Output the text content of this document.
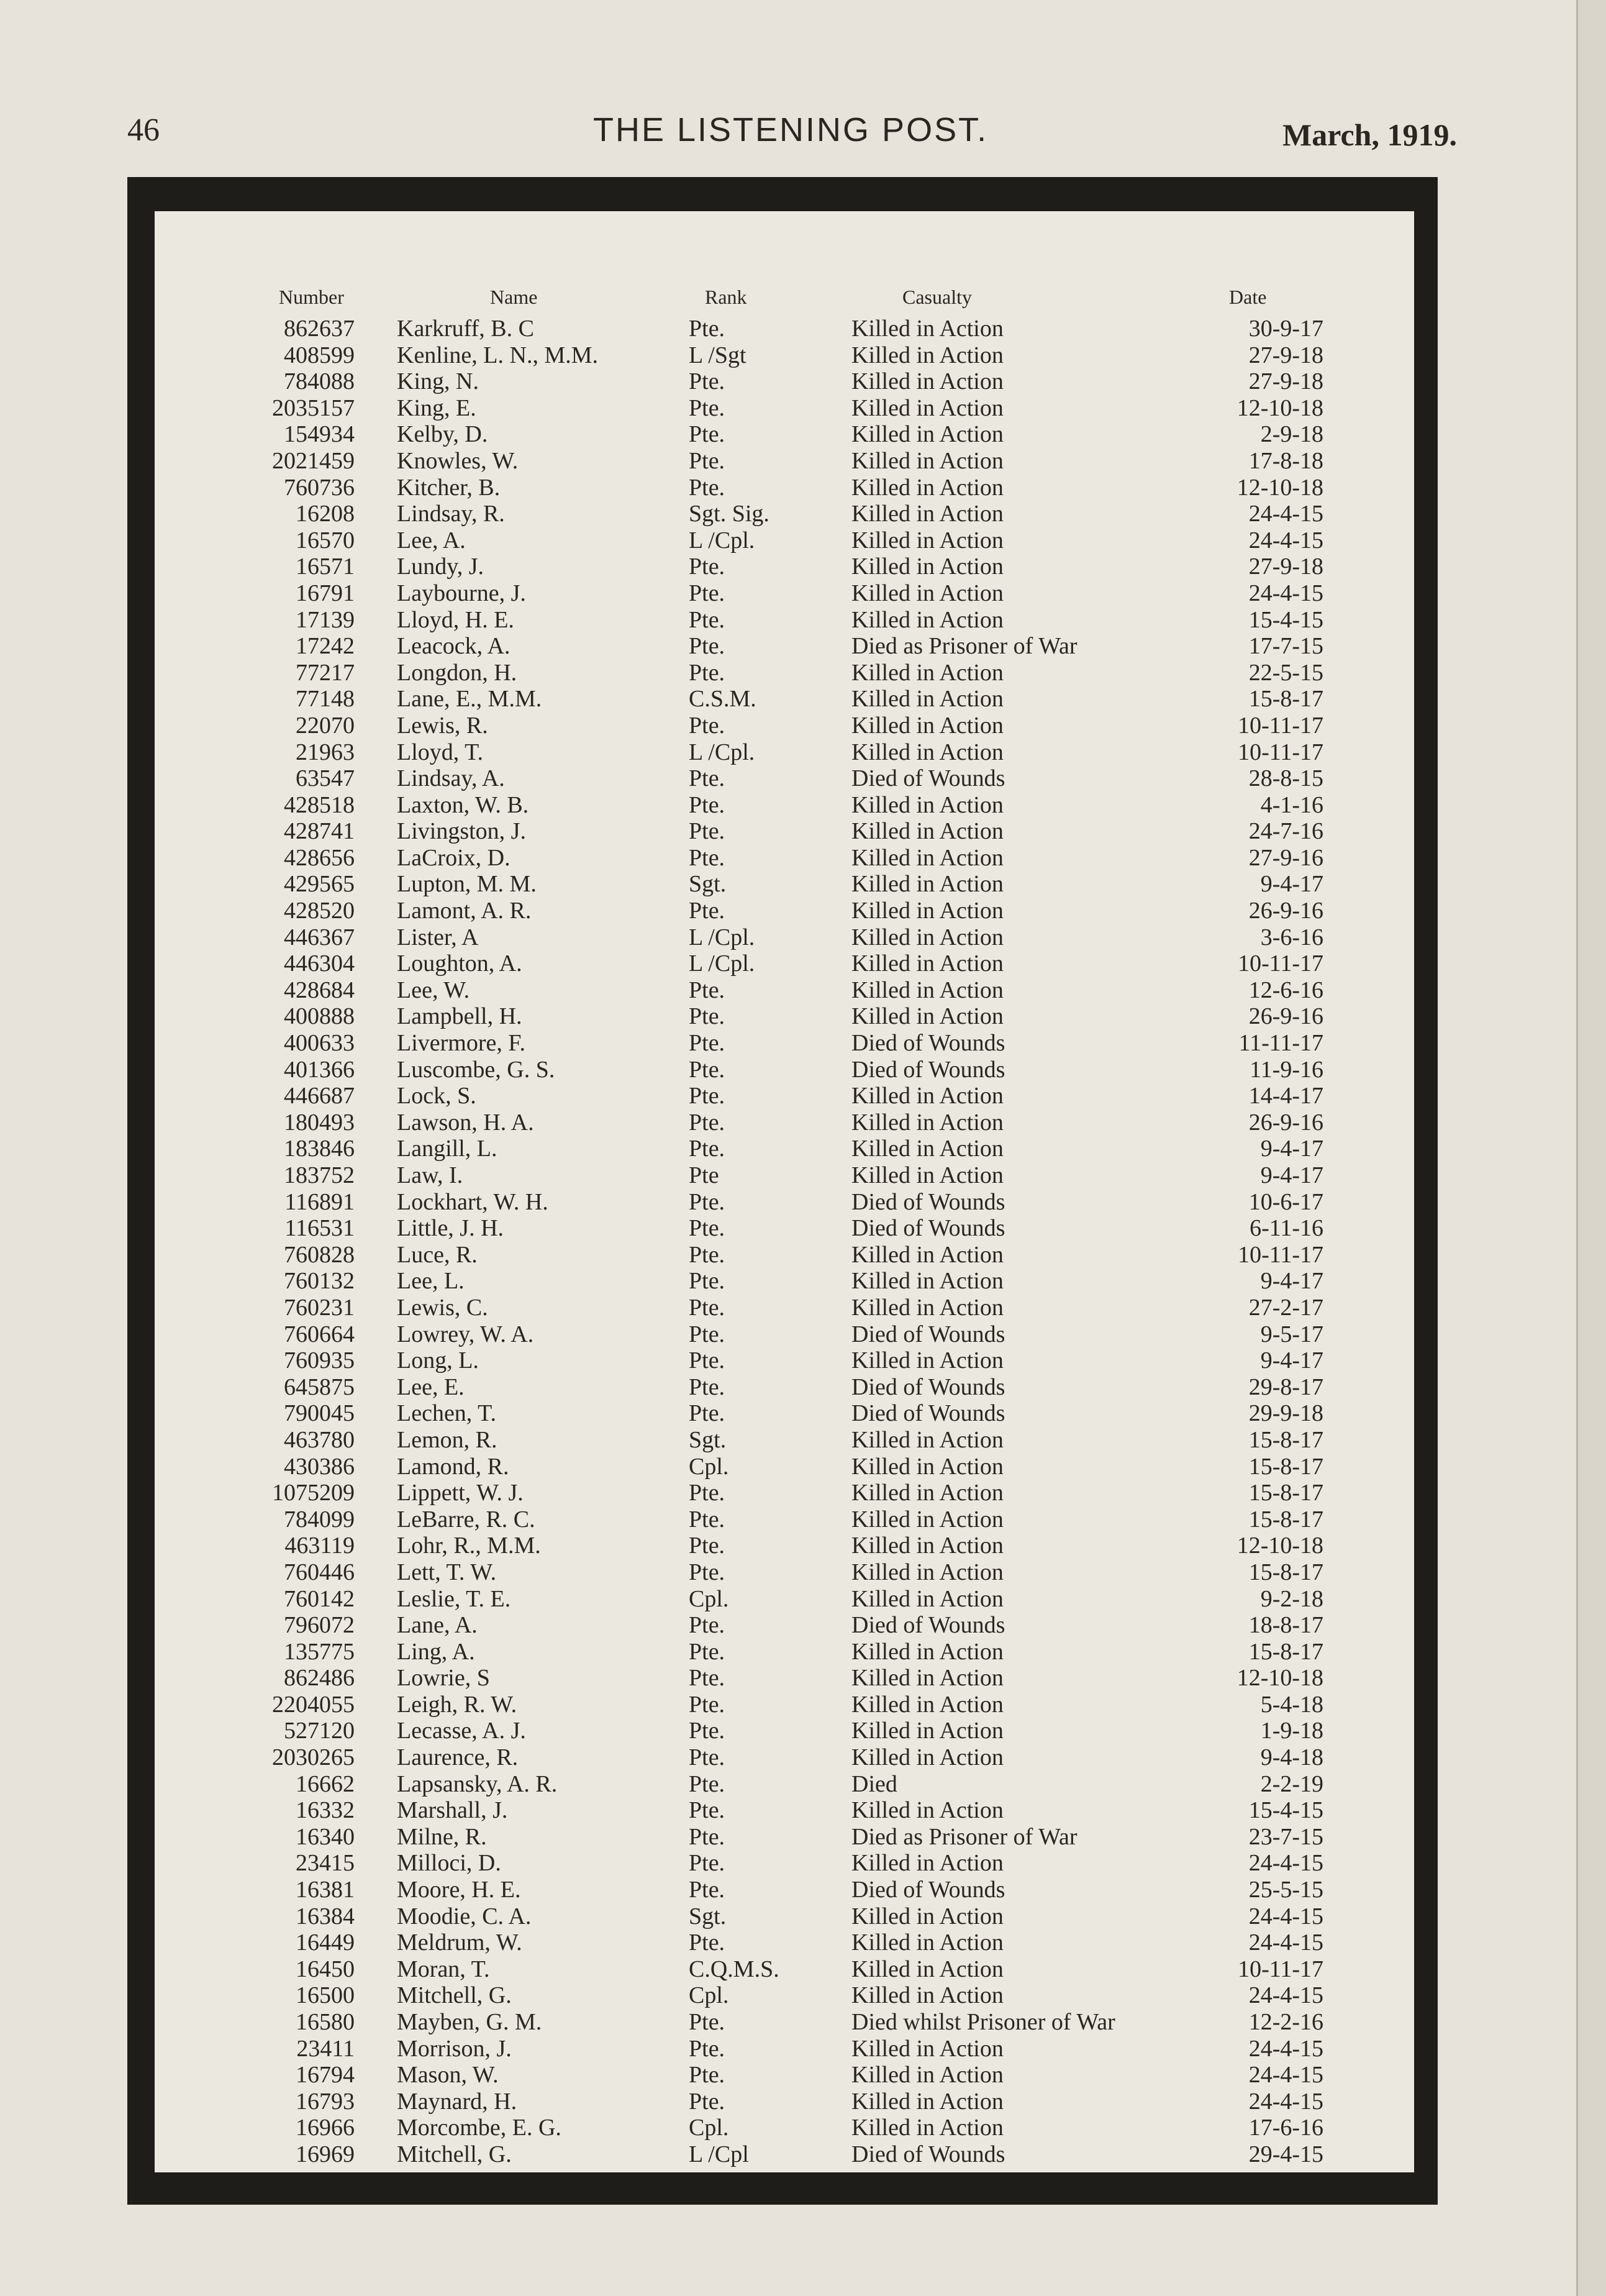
46	THE LISTENING POST.	March, 1919.
Number	Name	Rank	Casualty	Date
862637 Karkruff, B. C	Pte.	Killed in Action	30-9-17
408599 Kenline, L. N., M.M.	L /Sgt	Killed in Action	27-9-18
784088 King, N.	Pte.	Killed in Action	27-9-18
2035157 King, E.	Pte.	Killed in Action	12-10-18
154934 Kelby, D.	Pte.	Killed in Action	2-9-18
2021459 Knowles, W.	Pte.	Killed in Action	17-8-18
760736 Kitcher, B.	Pte.	Killed in Action	12-10-18
16208 Lindsay, R.	Sgt. Sig.	Killed in Action	24-4-15
16570 Lee, A.	L /Cpl.	Killed in Action	24-4-15
16571 Lundy, J.	Pte.	Killed in Action	27-9-18
16791 Laybourne, J.	Pte.	Killed in Action	24-4-15
17139 Lloyd, H. E.	Pte.	Killed in Action	15-4-15
17242 Leacock, A.	Pte.	Died as Prisoner of War	17-7-15
77217 Longdon, H.	Pte.	Killed in Action	22-5-15
77148 Lane, E., M.M.	C.S.M.	Killed in Action	15-8-17
22070 Lewis, R.	Pte.	Killed in Action	10-11-17
21963 Lloyd, T.	L /Cpl.	Killed in Action	10-11-17
63547 Lindsay, A.	Pte.	Died of Wounds	28-8-15
428518 Laxton, W. B.	Pte.	Killed in Action	4-1-16
428741 Livingston, J.	Pte.	Killed in Action	24-7-16
428656 LaCroix, D.	Pte.	Killed in Action	27-9-16
429565 Lupton, M. M.	Sgt.	Killed in Action	9-4-17
428520 Lamont, A. R.	Pte.	Killed in Action	26-9-16
446367 Lister, A	L /Cpl.	Killed in Action	3-6-16
446304 Loughton, A.	L /Cpl.	Killed in Action	10-11-17
428684 Lee, W.	Pte.	Killed in Action	12-6-16
400888 Lampbell, H.	Pte.	Killed in Action	26-9-16
400633 Livermore, F.	Pte.	Died of Wounds	11-11-17
401366 Luscombe, G. S.	Pte.	Died of Wounds	11-9-16
446687 Lock, S.	Pte.	Killed in Action	14-4-17
180493 Lawson, H. A.	Pte.	Killed in Action	26-9-16
183846 Langill, L.	Pte.	Killed in Action	9-4-17
183752 Law, I.	Pte	Killed in Action	9-4-17
116891 Lockhart, W. H.	Pte.	Died of Wounds	10-6-17
116531 Little, J. H.	Pte.	Died of Wounds	6-11-16
760828 Luce, R.	Pte.	Killed in Action	10-11-17
760132 Lee, L.	Pte.	Killed in Action	9-4-17
760231 Lewis, C.	Pte.	Killed in Action	27-2-17
760664 Lowrey, W. A.	Pte.	Died of Wounds	9-5-17
760935 Long, L.	Pte.	Killed in Action	9-4-17
645875 Lee, E.	Pte.	Died of Wounds	29-8-17
790045 Lechen, T.	Pte.	Died of Wounds	29-9-18
463780 Lemon, R.	Sgt.	Killed in Action	15-8-17
430386 Lamond, R.	Cpl.	Killed in Action	15-8-17
1075209 Lippett, W. J.	Pte.	Killed in Action	15-8-17
784099 LeBarre, R. C.	Pte.	Killed in Action	15-8-17
463119 Lohr, R., M.M.	Pte.	Killed in Action	12-10-18
760446 Lett, T. W.	Pte.	Killed in Action	15-8-17
760142 Leslie, T. E.	Cpl.	Killed in Action	9-2-18
796072 Lane, A.	Pte.	Died of Wounds	18-8-17
135775 Ling, A.	Pte.	Killed in Action	15-8-17
862486 Lowrie, S	Pte.	Killed in Action	12-10-18
2204055 Leigh, R. W.	Pte.	Killed in Action	5-4-18
527120 Lecasse, A. J.	Pte.	Killed in Action	1-9-18
2030265 Laurence, R.	Pte.	Killed in Action	9-4-18
16662 Lapsansky, A. R.	Pte.	Died	2-2-19
16332 Marshall, J.	Pte.	Killed in Action	15-4-15
16340 Milne, R.	Pte.	Died as Prisoner of War	23-7-15
23415 Milloci, D.	Pte.	Killed in Action	24-4-15
16381 Moore, H. E.	Pte.	Died of Wounds	25-5-15
16384 Moodie, C. A.	Sgt.	Killed in Action	24-4-15
16449 Meldrum, W.	Pte.	Killed in Action	24-4-15
16450 Moran, T.	C.Q.M.S.	Killed in Action	10-11-17
16500 Mitchell, G.	Cpl.	Killed in Action	24-4-15
16580 Mayben, G. M.	Pte.	Died whilst Prisoner of War	12-2-16
23411 Morrison, J.	Pte.	Killed in Action	24-4-15
16794 Mason, W.	Pte.	Killed in Action	24-4-15
16793 Maynard, H.	Pte.	Killed in Action	24-4-15
16966 Morcombe, E. G.	Cpl.	Killed in Action	17-6-16
16969 Mitchell, G.	L /Cpl	Died of Wounds	29-4-15
